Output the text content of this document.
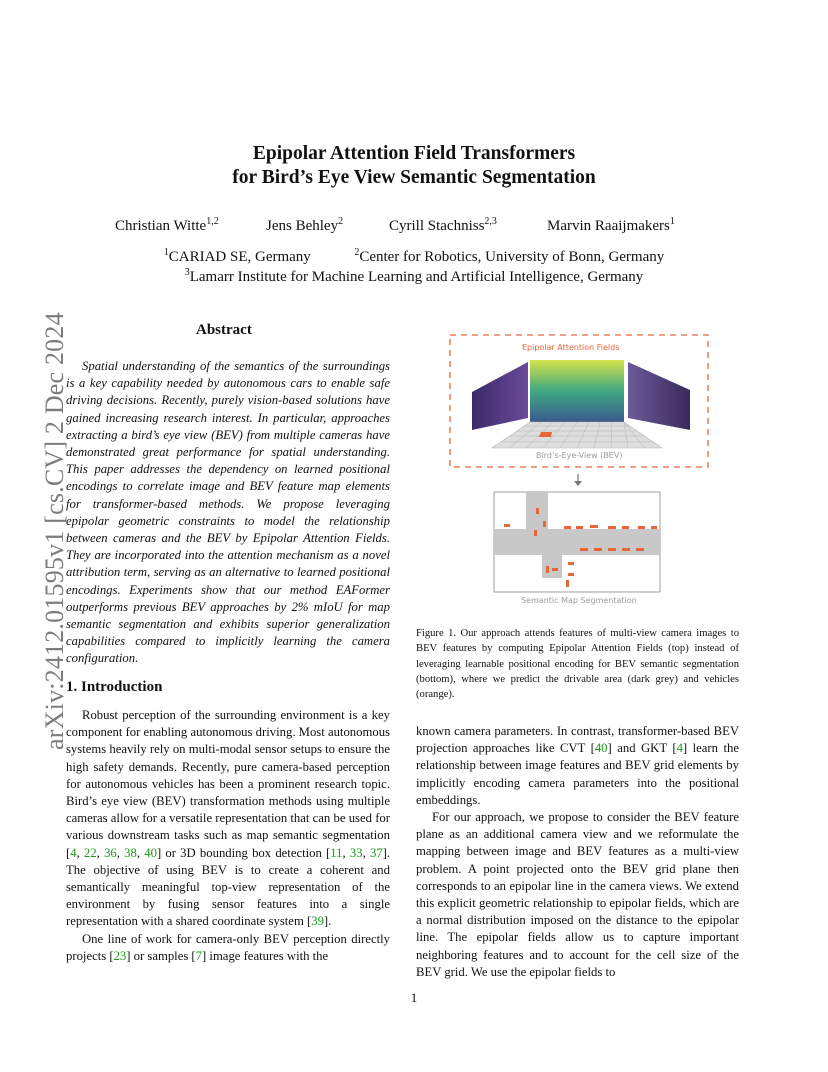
arXiv:2412.01595v1 [cs.CV] 2 Dec 2024
Epipolar Attention Field Transformers
for Bird’s Eye View Semantic Segmentation
Christian Witte$^{1,2}$	Jens Behley$^2$	Cyrill Stachniss$^{2,3}$	Marvin Raaijmakers$^1$
$^1$CARIAD SE, Germany	$^2$Center for Robotics, University of Bonn, Germany
$^3$Lamarr Institute for Machine Learning and Artificial Intelligence, Germany
Abstract

Spatial understanding of the semantics of the surroundings is a key capability needed by autonomous cars to enable safe driving decisions. Recently, purely vision-based solutions have gained increasing research interest. In particular, approaches extracting a bird’s eye view (BEV) from multiple cameras have demonstrated great performance for spatial understanding. This paper addresses the dependency on learned positional encodings to correlate image and BEV feature map elements for transformer-based methods. We propose leveraging epipolar geometric constraints to model the relationship between cameras and the BEV by Epipolar Attention Fields. They are incorporated into the attention mechanism as a novel attribution term, serving as an alternative to learned positional encodings. Experiments show that our method EAFormer outperforms previous BEV approaches by 2% mIoU for map semantic segmentation and exhibits superior generalization capabilities compared to implicitly learning the camera configuration.

1. Introduction

Robust perception of the surrounding environment is a key component for enabling autonomous driving. Most autonomous systems heavily rely on multi-modal sensor setups to ensure the high safety demands. Recently, pure camera-based perception for autonomous vehicles has been a prominent research topic. Bird’s eye view (BEV) transformation methods using multiple cameras allow for a versatile representation that can be used for various downstream tasks such as map semantic segmentation [4, 22, 36, 38, 40] or 3D bounding box detection [11, 33, 37]. The objective of using BEV is to create a coherent and semantically meaningful top-view representation of the environment by fusing sensor features into a single representation with a shared coordinate system [39].

One line of work for camera-only BEV perception directly projects [23] or samples [7] image features with the

Epipolar Attention Fields
Bird’s-Eye-View (BEV)
Semantic Map Segmentation
Figure 1. Our approach attends features of multi-view camera images to BEV features by computing Epipolar Attention Fields (top) instead of leveraging learnable positional encoding for BEV semantic segmentation (bottom), where we predict the drivable area (dark grey) and vehicles (orange).

known camera parameters. In contrast, transformer-based BEV projection approaches like CVT [40] and GKT [4] learn the relationship between image features and BEV grid elements by implicitly encoding camera parameters into the positional embeddings.

For our approach, we propose to consider the BEV feature plane as an additional camera view and we reformulate the mapping between image and BEV features as a multi-view problem. A point projected onto the BEV grid plane then corresponds to an epipolar line in the camera views. We extend this explicit geometric relationship to epipolar fields, which are a normal distribution imposed on the distance to the epipolar line. The epipolar fields allow us to capture important neighboring features and to account for the cell size of the BEV grid. We use the epipolar fields to

1
